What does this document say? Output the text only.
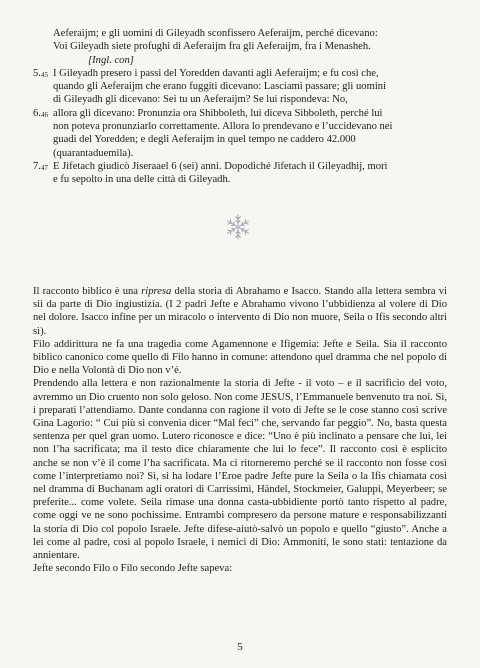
Aeferaijm; e gli uomini di Gileyadh sconfissero Aeferaijm, perché dicevano:
Voi Gileyadh siete profughi di Aeferaijm fra gli Aeferaijm, fra i Menasheh.
[Ingl. con]
$5._{45}$ I Gileyadh presero i passi del Yoredden davanti agli Aeferaijm; e fu così che,

quando gli Aeferaijm che erano fuggiti dicevano: Lasciami passare; gli uomini

di Gileyadh gli dicevano: Sei tu un Aeferaijm? Se lui rispondeva: No,

$6._{46}$ allora gli dicevano: Pronunzia ora Shibboleth, lui diceva Sibboleth, perché lui

non poteva pronunziarlo correttamente. Allora lo prendevano e l’uccidevano nei

guadi del Yoredden; e degli Aeferaijm in quel tempo ne caddero 42.000

(quarantaduemila).

$7._{47}$ E Jifetach giudicò Jiseraael 6 (sei) anni. Dopodiché Jifetach il Gileyadhij, morì

e fu sepolto in una delle città di Gileyadh.

Il racconto biblico è una ripresa della storia di Abrahamo e Isacco. Stando alla lettera sembra vi sii da parte di Dio ingiustizia. (I 2 padri Jefte e Abrahamo vivono l’ubbidienza al volere di Dio nel dolore. Isacco infine per un miracolo o intervento di Dio non muore, Seila o Ifis secondo altri sì).

Filo addirittura ne fa una tragedia come Agamennone e Ifigemia: Jefte e Seila. Sia il racconto biblico canonico come quello di Filo hanno in comune: attendono quel dramma che nel popolo di Dio e nella Volontà di Dio non v’é.

Prendendo alla lettera e non razionalmente la storia di Jefte - il voto – e il sacrificio del voto, avremmo un Dio cruento non solo geloso. Non come JESUS, l’Emmanuele benvenuto tra noi. Sì, i preparati l’attendiamo. Dante condanna con ragione il voto di Jefte se le cose stanno così scrive Gina Lagorio: “ Cui più si convenìa dicer “Mal feci” che, servando far peggio”. No, basta questa sentenza per quel gran uomo. Lutero riconosce e dice: “Uno è più inclinato a pensare che lui, lei non l’ha sacrificata; ma il testo dice chiaramente che lui lo fece”. Il racconto così è esplicito anche se non v’è il come l’ha sacrificata. Ma ci ritorneremo perché se il racconto non fosse così come l’interpretiamo noi? Sì, si ha lodare l’Eroe padre Jefte pure la Seila o la Ifis chiamata così nel dramma di Buchanam agli oratori di Carrissimi, Händel, Stockmeier, Galuppi, Meyerbeer; se preferite... come volete. Seila rimase una donna casta-ubbidiente portò tanto rispetto al padre, come oggi ve ne sono pochissime. Entrambi compresero da persone mature e responsabilizzanti la storia di Dio col popolo Israele. Jefte difese-aiutò-salvò un popolo e quello “giusto”. Anche a lei come al padre, così al popolo Israele, i nemici di Dio: Ammoniti, le sono stati: tentazione da annientare.

Jefte secondo Filo o Filo secondo Jefte sapeva:

5
